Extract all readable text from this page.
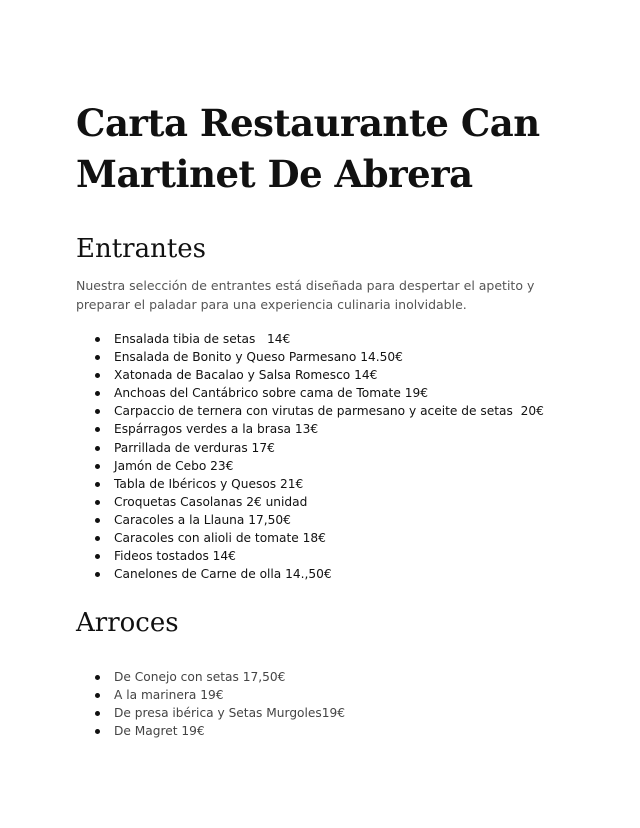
Carta Restaurante Can Martinet De Abrera
Entrantes

Nuestra selección de entrantes está diseñada para despertar el apetito y preparar el paladar para una experiencia culinaria inolvidable.

Ensalada tibia de setas   14€
Ensalada de Bonito y Queso Parmesano 14.50€
Xatonada de Bacalao y Salsa Romesco 14€
Anchoas del Cantábrico sobre cama de Tomate 19€
Carpaccio de ternera con virutas de parmesano y aceite de setas  20€
Espárragos verdes a la brasa 13€
Parrillada de verduras 17€
Jamón de Cebo 23€
Tabla de Ibéricos y Quesos 21€
Croquetas Casolanas 2€ unidad
Caracoles a la Llauna 17,50€
Caracoles con alioli de tomate 18€
Fideos tostados 14€
Canelones de Carne de olla 14.,50€
Arroces
De Conejo con setas 17,50€
A la marinera 19€
De presa ibérica y Setas Murgoles19€
De Magret 19€
